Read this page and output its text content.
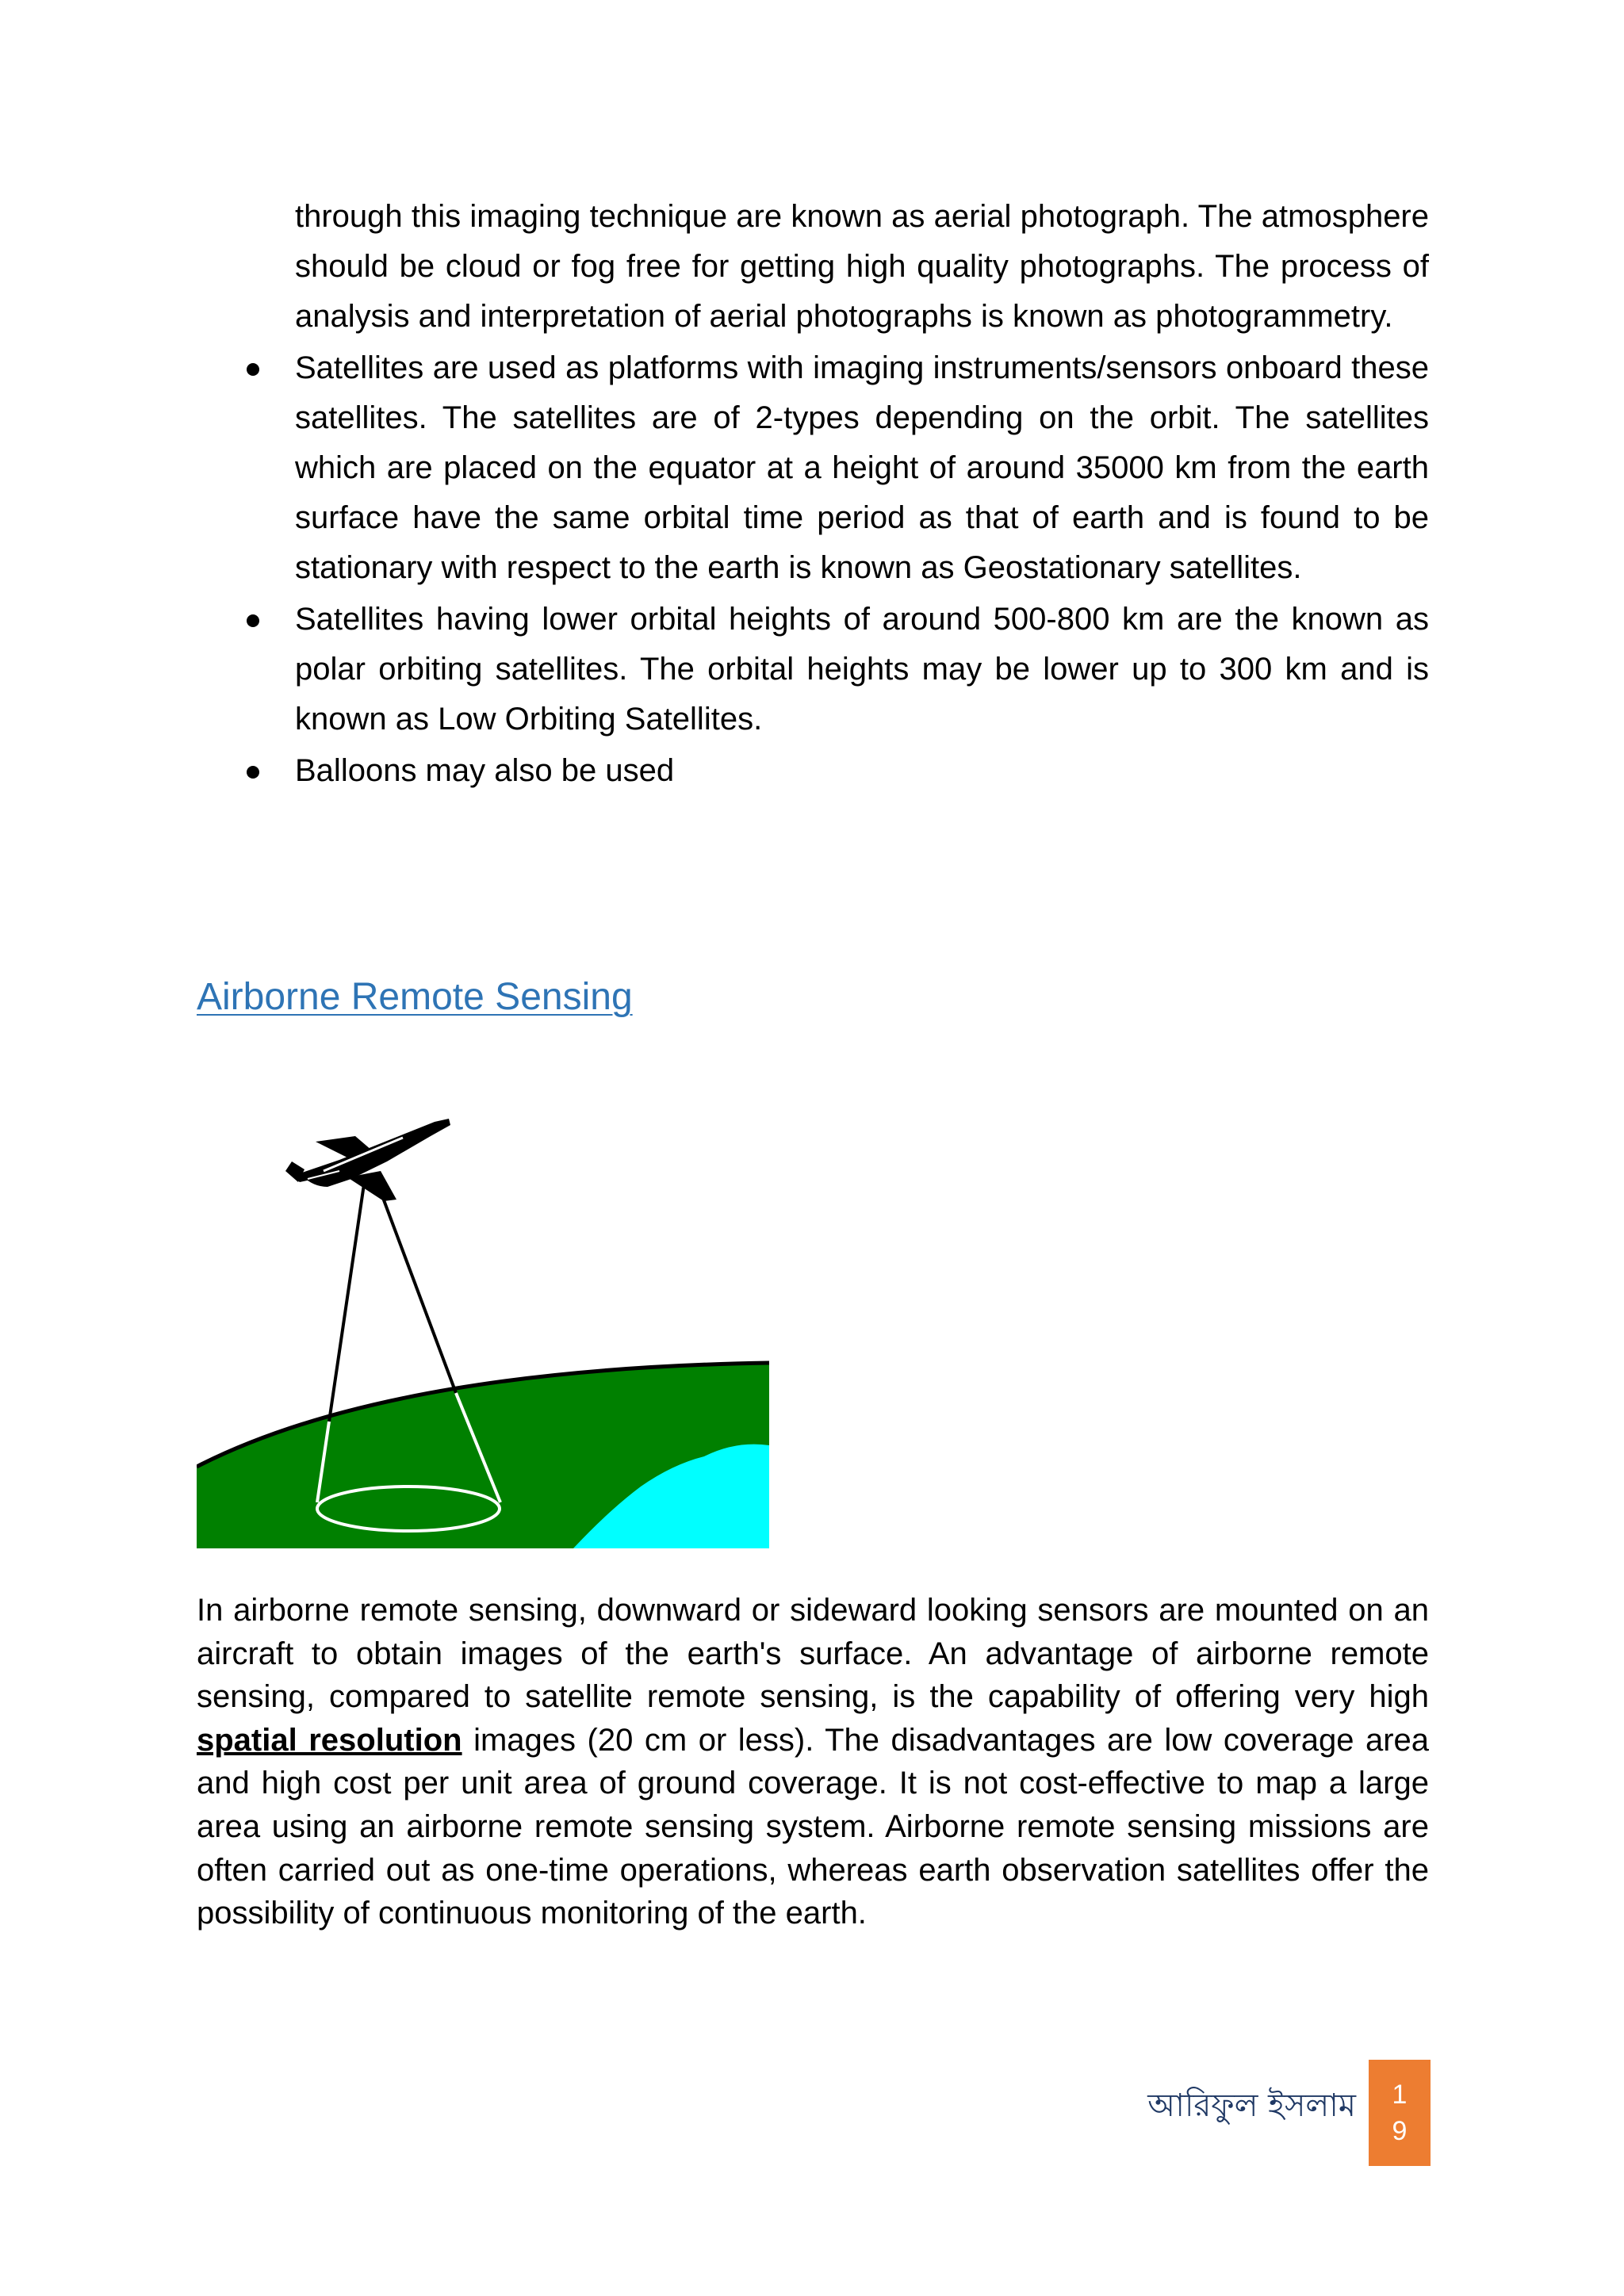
through this imaging technique are known as aerial photograph. The atmosphere should be cloud or fog free for getting high quality photographs. The process of analysis and interpretation of aerial photographs is known as photogrammetry.
Satellites are used as platforms with imaging instruments/sensors onboard these satellites. The satellites are of 2-types depending on the orbit. The satellites which are placed on the equator at a height of around 35000 km from the earth surface have the same orbital time period as that of earth and is found to be stationary with respect to the earth is known as Geostationary satellites.
Satellites having lower orbital heights of around 500-800 km are the known as polar orbiting satellites. The orbital heights may be lower up to 300 km and is known as Low Orbiting Satellites.
Balloons may also be used
Airborne Remote Sensing

In airborne remote sensing, downward or sideward looking sensors are mounted on an aircraft to obtain images of the earth's surface. An advantage of airborne remote sensing, compared to satellite remote sensing, is the capability of offering very high spatial resolution images (20 cm or less). The disadvantages are low coverage area and high cost per unit area of ground coverage. It is not cost-effective to map a large area using an airborne remote sensing system. Airborne remote sensing missions are often carried out as one-time operations, whereas earth observation satellites offer the possibility of continuous monitoring of the earth.

আরিফুল ইসলাম	1
9
